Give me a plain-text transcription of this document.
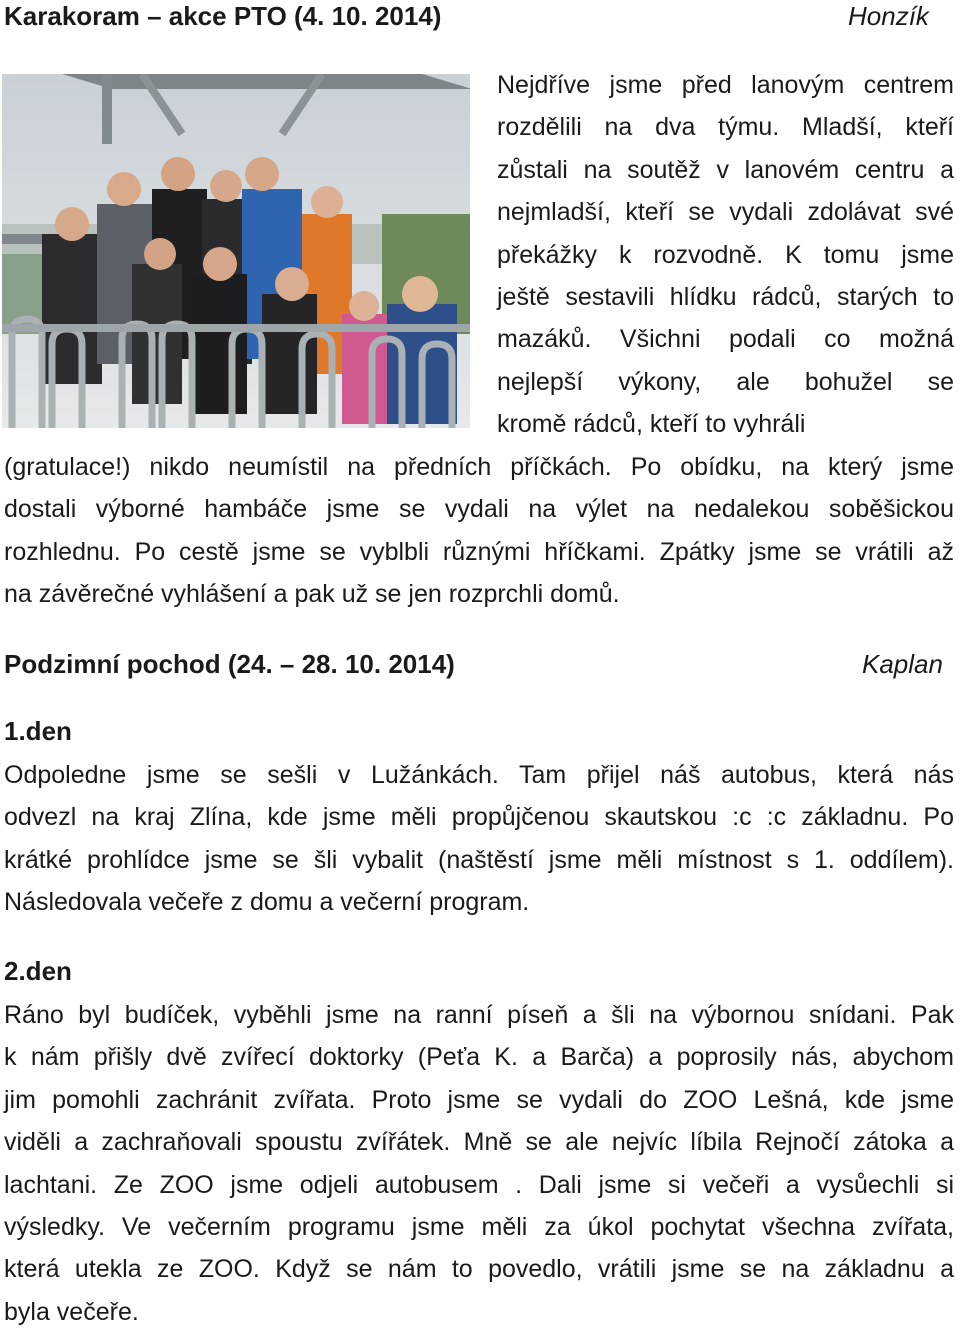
Karakoram – akce PTO (4. 10. 2014)	Honzík
Nejdříve jsme před lanovým centrem
rozdělili na dva týmu. Mladší, kteří
zůstali na soutěž v lanovém centru a
nejmladší, kteří se vydali zdolávat své
překážky k rozvodně. K tomu jsme
ještě sestavili hlídku rádců, starých to
mazáků. Všichni podali co možná
nejlepší výkony, ale bohužel se
kromě rádců, kteří to vyhráli
(gratulace!) nikdo neumístil na předních příčkách. Po obídku, na který jsme
dostali výborné hambáče jsme se vydali na výlet na nedalekou soběšickou
rozhlednu. Po cestě jsme se vyblbli různými hříčkami. Zpátky jsme se vrátili až
na závěrečné vyhlášení a pak už se jen rozprchli domů.
Podzimní pochod (24. – 28. 10. 2014)	Kaplan
1.den
Odpoledne jsme se sešli v Lužánkách. Tam přijel náš autobus, která nás
odvezl na kraj Zlína, kde jsme měli propůjčenou skautskou :c :c základnu. Po
krátké prohlídce jsme se šli vybalit (naštěstí jsme měli místnost s 1. oddílem).
Následovala večeře z domu a večerní program.
2.den
Ráno byl budíček, vyběhli jsme na ranní píseň a šli na výbornou snídani. Pak
k nám přišly dvě zvířecí doktorky (Peťa K. a Barča) a poprosily nás, abychom
jim pomohli zachránit zvířata. Proto jsme se vydali do ZOO Lešná, kde jsme
viděli a zachraňovali spoustu zvířátek. Mně se ale nejvíc líbila Rejnočí zátoka a
lachtani. Ze ZOO jsme odjeli autobusem . Dali jsme si večeři a vysůechli si
výsledky. Ve večerním programu jsme měli za úkol pochytat všechna zvířata,
která utekla ze ZOO. Když se nám to povedlo, vrátili jsme se na základnu a
byla večeře.
